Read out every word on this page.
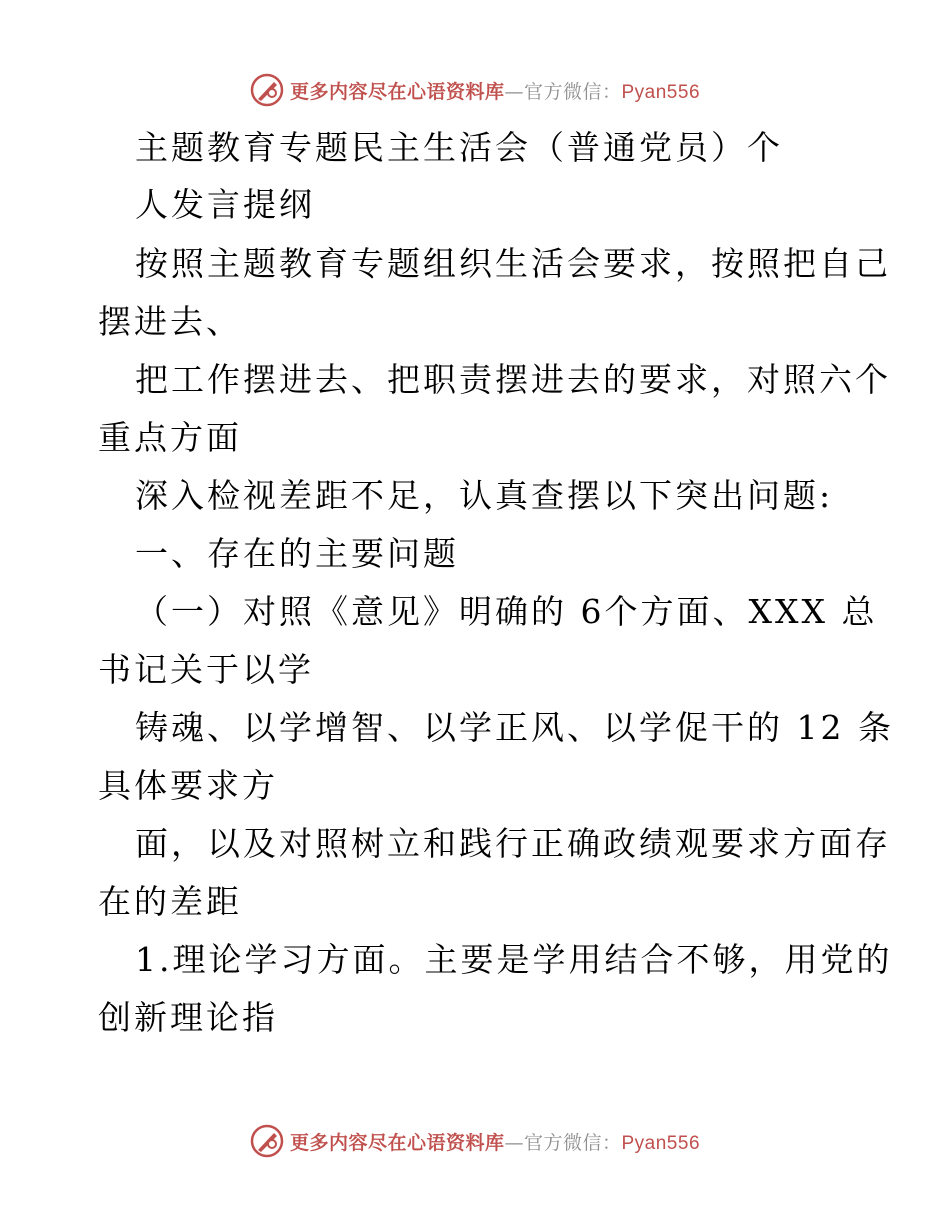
更多内容尽在心语资料库—官方微信：Pyan556
主题教育专题民主生活会（普通党员）个
人发言提纲
按照主题教育专题组织生活会要求，按照把自己
摆进去、
把工作摆进去、把职责摆进去的要求，对照六个
重点方面
深入检视差距不足，认真查摆以下突出问题:
一、存在的主要问题
（一）对照《意见》明确的 6个方面、XXX 总
书记关于以学
铸魂、以学增智、以学正风、以学促干的 12 条
具体要求方
面，以及对照树立和践行正确政绩观要求方面存
在的差距
1.理论学习方面。主要是学用结合不够，用党的
创新理论指
更多内容尽在心语资料库—官方微信：Pyan556
